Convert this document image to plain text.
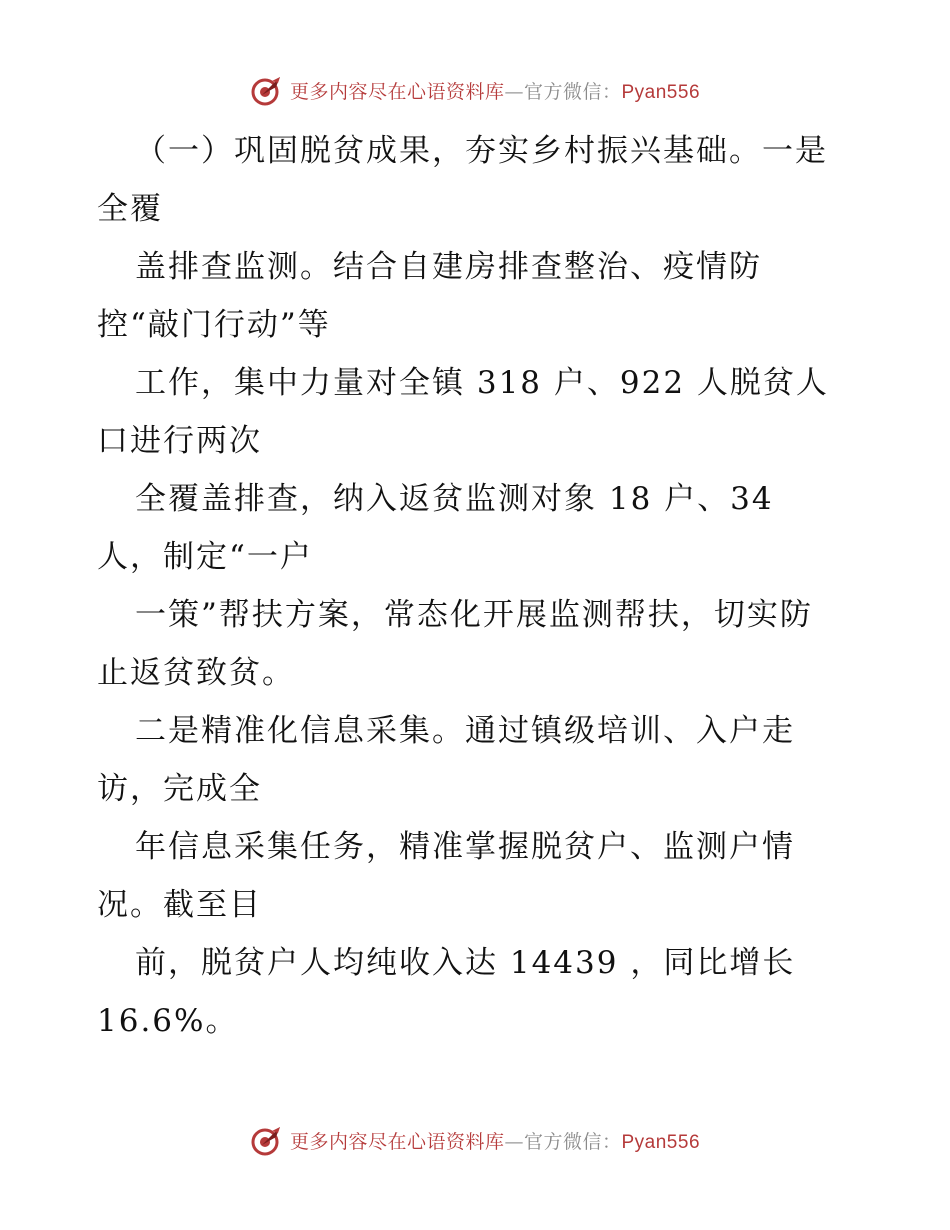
更多内容尽在心语资料库—官方微信：Pyan556
（一）巩固脱贫成果，夯实乡村振兴基础。一是
全覆
盖排查监测。结合自建房排查整治、疫情防
控“敲门行动”等
工作，集中力量对全镇 318 户、922 人脱贫人
口进行两次
全覆盖排查，纳入返贫监测对象 18 户、34
人，制定“一户
一策”帮扶方案，常态化开展监测帮扶，切实防
止返贫致贫。
二是精准化信息采集。通过镇级培训、入户走
访，完成全
年信息采集任务，精准掌握脱贫户、监测户情
况。截至目
前，脱贫户人均纯收入达 14439 ，同比增长
16.6%。
更多内容尽在心语资料库—官方微信：Pyan556
